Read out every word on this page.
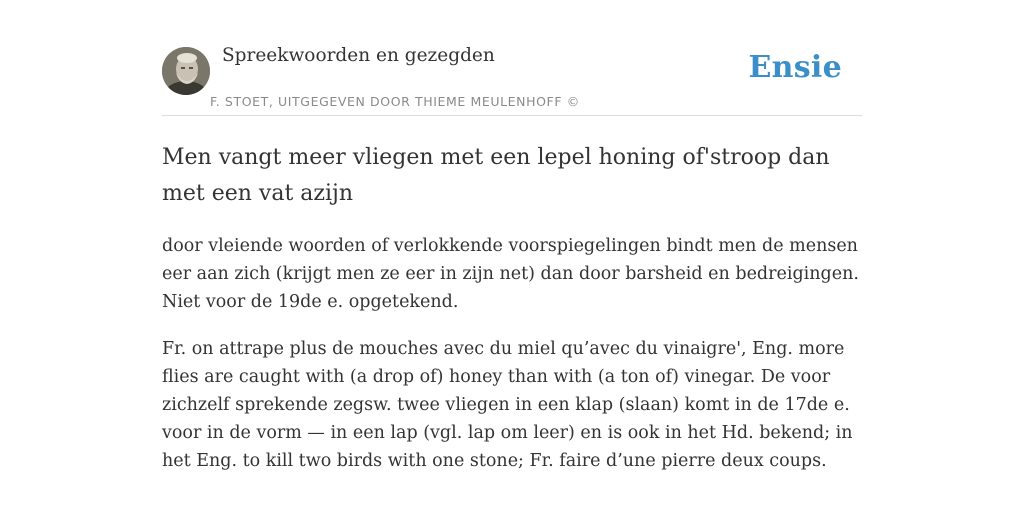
Spreekwoorden en gezegden
F. STOET, UITGEGEVEN DOOR THIEME MEULENHOFF ©
Ensie
Men vangt meer vliegen met een lepel honing of'stroop dan met een vat azijn

door vleiende woorden of verlokkende voorspiegelingen bindt men de mensen eer aan zich (krijgt men ze eer in zijn net) dan door barsheid en bedreigingen. Niet voor de 19de e. opgetekend.

Fr. on attrape plus de mouches avec du miel qu’avec du vinaigre', Eng. more flies are caught with (a drop of) honey than with (a ton of) vinegar. De voor zichzelf sprekende zegsw. twee vliegen in een klap (slaan) komt in de 17de e. voor in de vorm — in een lap (vgl. lap om leer) en is ook in het Hd. bekend; in het Eng. to kill two birds with one stone; Fr. faire d’une pierre deux coups.
